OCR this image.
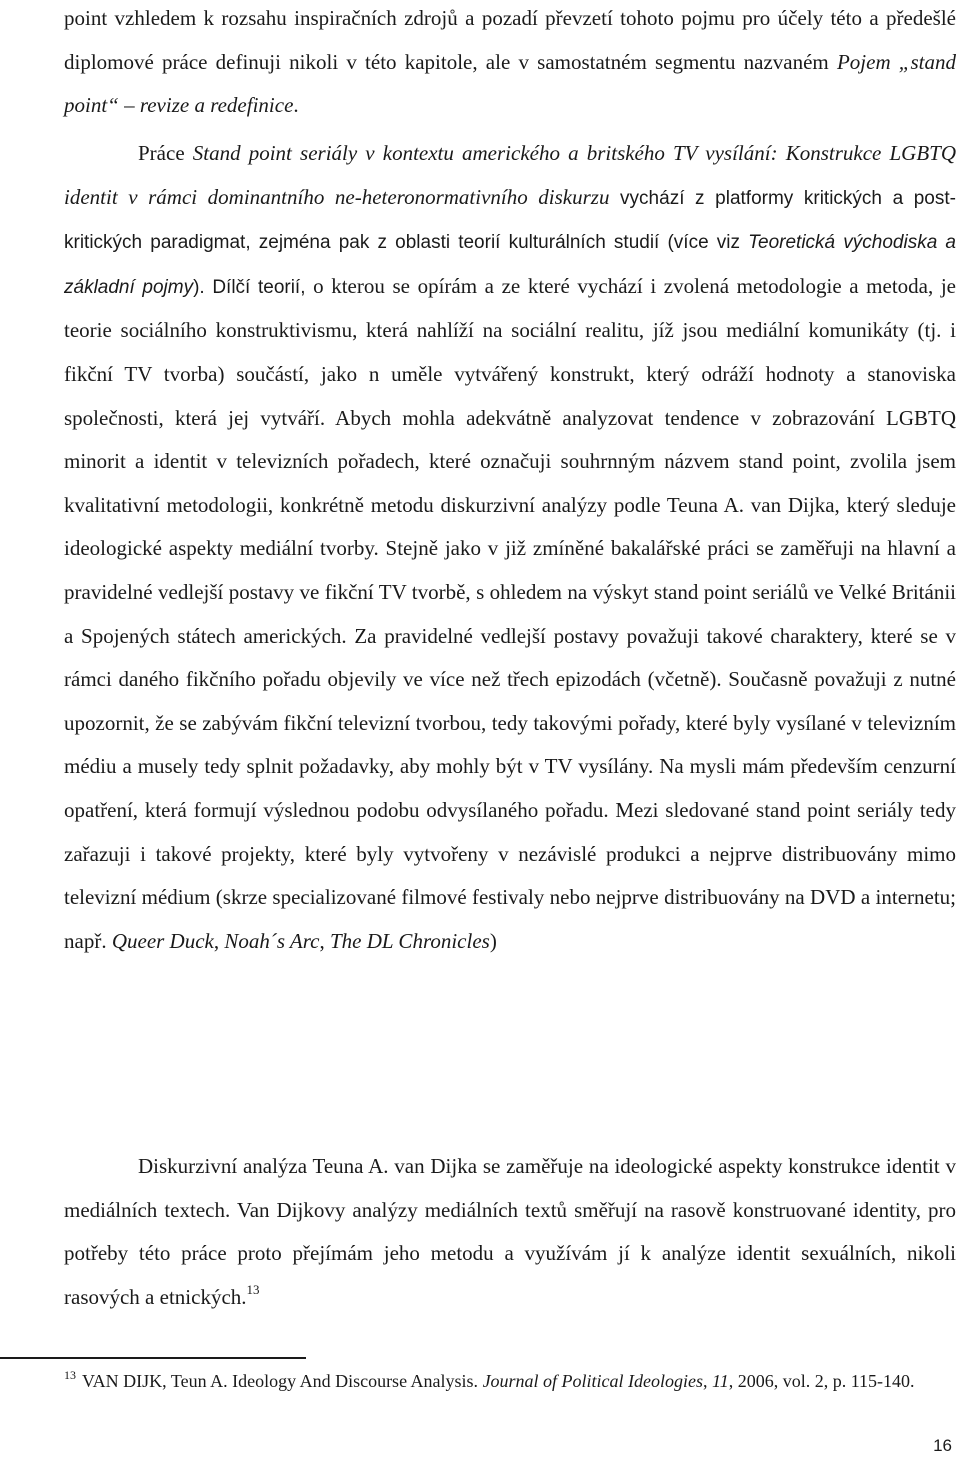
point vzhledem k rozsahu inspiračních zdrojů a pozadí převzetí tohoto pojmu pro účely této a předešlé diplomové práce definuji nikoli v této kapitole, ale v samostatném segmentu nazvaném Pojem „stand point“ – revize a redefinice.

Práce Stand point seriály v kontextu amerického a britského TV vysílání: Konstrukce LGBTQ identit v rámci dominantního ne-heteronormativního diskurzu vychází z platformy kritických a post-kritických paradigmat, zejména pak z oblasti teorií kulturálních studií (více viz Teoretická východiska a základní pojmy). Dílčí teorií, o kterou se opírám a ze které vychází i zvolená metodologie a metoda, je teorie sociálního konstruktivismu, která nahlíží na sociální realitu, jíž jsou mediální komunikáty (tj. i fikční TV tvorba) součástí, jako n uměle vytvářený konstrukt, který odráží hodnoty a stanoviska společnosti, která jej vytváří. Abych mohla adekvátně analyzovat tendence v zobrazování LGBTQ minorit a identit v televizních pořadech, které označuji souhrnným názvem stand point, zvolila jsem kvalitativní metodologii, konkrétně metodu diskurzivní analýzy podle Teuna A. van Dijka, který sleduje ideologické aspekty mediální tvorby. Stejně jako v již zmíněné bakalářské práci se zaměřuji na hlavní a pravidelné vedlejší postavy ve fikční TV tvorbě, s ohledem na výskyt stand point seriálů ve Velké Británii a Spojených státech amerických. Za pravidelné vedlejší postavy považuji takové charaktery, které se v rámci daného fikčního pořadu objevily ve více než třech epizodách (včetně). Současně považuji z nutné upozornit, že se zabývám fikční televizní tvorbou, tedy takovými pořady, které byly vysílané v televizním médiu a musely tedy splnit požadavky, aby mohly být v TV vysílány. Na mysli mám především cenzurní opatření, která formují výslednou podobu odvysílaného pořadu. Mezi sledované stand point seriály tedy zařazuji i takové projekty, které byly vytvořeny v nezávislé produkci a nejprve distribuovány mimo televizní médium (skrze specializované filmové festivaly nebo nejprve distribuovány na DVD a internetu; např. Queer Duck, Noah´s Arc, The DL Chronicles)

Diskurzivní analýza Teuna A. van Dijka se zaměřuje na ideologické aspekty konstrukce identit v mediálních textech. Van Dijkovy analýzy mediálních textů směřují na rasově konstruované identity, pro potřeby této práce proto přejímám jeho metodu a využívám jí k analýze identit sexuálních, nikoli rasových a etnických.$^{13}$

$^{13}$ VAN DIJK, Teun A. Ideology And Discourse Analysis. Journal of Political Ideologies, 11, 2006, vol. 2, p. 115-140.

16
